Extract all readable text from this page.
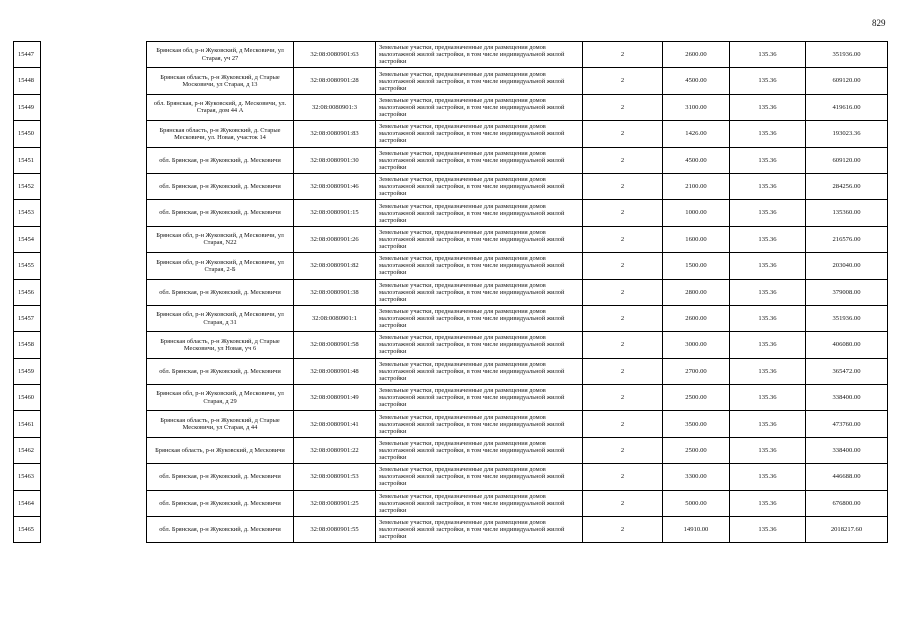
829
15447		Брянская обл, р-н Жуковский, д Месковичи, ул Старая, уч 27	32:08:0080901:63	Земельные участки, предназначенные для размещения домов малоэтажной жилой застройки, в том числе индивидуальной жилой застройки	2	2600.00	135.36	351936.00
15448		Брянская область, р-н Жуковский, д Старые Московичи, ул Старая, д 13	32:08:0080901:28	Земельные участки, предназначенные для размещения домов малоэтажной жилой застройки, в том числе индивидуальной жилой застройки	2	4500.00	135.36	609120.00
15449		обл. Брянская, р-н Жуковский, д. Месковичи, ул. Старая, дом 44 А	32:08:0080901:3	Земельные участки, предназначенные для размещения домов малоэтажной жилой застройки, в том числе индивидуальной жилой застройки	2	3100.00	135.36	419616.00
15450		Брянская область, р-н Жуковский, д. Старые Месковичи, ул. Новая, участок 14	32:08:0080901:83	Земельные участки, предназначенные для размещения домов малоэтажной жилой застройки, в том числе индивидуальной жилой застройки	2	1426.00	135.36	193023.36
15451		обл. Брянская, р-н Жуковский, д. Месковичи	32:08:0080901:30	Земельные участки, предназначенные для размещения домов малоэтажной жилой застройки, в том числе индивидуальной жилой застройки	2	4500.00	135.36	609120.00
15452		обл. Брянская, р-н Жуковский, д. Месковичи	32:08:0080901:46	Земельные участки, предназначенные для размещения домов малоэтажной жилой застройки, в том числе индивидуальной жилой застройки	2	2100.00	135.36	284256.00
15453		обл. Брянская, р-н Жуковский, д. Месковичи	32:08:0080901:15	Земельные участки, предназначенные для размещения домов малоэтажной жилой застройки, в том числе индивидуальной жилой застройки	2	1000.00	135.36	135360.00
15454		Брянская обл, р-н Жуковский, д Месковичи, ул Старая, N22	32:08:0080901:26	Земельные участки, предназначенные для размещения домов малоэтажной жилой застройки, в том числе индивидуальной жилой застройки	2	1600.00	135.36	216576.00
15455		Брянская обл, р-н Жуковский, д Месковичи, ул Старая, 2-Б	32:08:0080901:82	Земельные участки, предназначенные для размещения домов малоэтажной жилой застройки, в том числе индивидуальной жилой застройки	2	1500.00	135.36	203040.00
15456		обл. Брянская, р-н Жуковский, д. Месковичи	32:08:0080901:38	Земельные участки, предназначенные для размещения домов малоэтажной жилой застройки, в том числе индивидуальной жилой застройки	2	2800.00	135.36	379008.00
15457		Брянская обл, р-н Жуковский, д Месковичи, ул Старая, д 31	32:08:0080901:1	Земельные участки, предназначенные для размещения домов малоэтажной жилой застройки, в том числе индивидуальной жилой застройки	2	2600.00	135.36	351936.00
15458		Брянская область, р-н Жуковский, д Старые Месковичи, ул Новая, уч 6	32:08:0080901:58	Земельные участки, предназначенные для размещения домов малоэтажной жилой застройки, в том числе индивидуальной жилой застройки	2	3000.00	135.36	406080.00
15459		обл. Брянская, р-н Жуковский, д. Месковичи	32:08:0080901:48	Земельные участки, предназначенные для размещения домов малоэтажной жилой застройки, в том числе индивидуальной жилой застройки	2	2700.00	135.36	365472.00
15460		Брянская обл, р-н Жуковский, д Месковичи, ул Старая, д 29	32:08:0080901:49	Земельные участки, предназначенные для размещения домов малоэтажной жилой застройки, в том числе индивидуальной жилой застройки	2	2500.00	135.36	338400.00
15461		Брянская область, р-н Жуковский, д Старые Месковичи, ул Старая, д 44	32:08:0080901:41	Земельные участки, предназначенные для размещения домов малоэтажной жилой застройки, в том числе индивидуальной жилой застройки	2	3500.00	135.36	473760.00
15462		Брянская область, р-н Жуковский, д Месковичи	32:08:0080901:22	Земельные участки, предназначенные для размещения домов малоэтажной жилой застройки, в том числе индивидуальной жилой застройки	2	2500.00	135.36	338400.00
15463		обл. Брянская, р-н Жуковский, д. Месковичи	32:08:0080901:53	Земельные участки, предназначенные для размещения домов малоэтажной жилой застройки, в том числе индивидуальной жилой застройки	2	3300.00	135.36	446688.00
15464		обл. Брянская, р-н Жуковский, д. Месковичи	32:08:0080901:25	Земельные участки, предназначенные для размещения домов малоэтажной жилой застройки, в том числе индивидуальной жилой застройки	2	5000.00	135.36	676800.00
15465		обл. Брянская, р-н Жуковский, д. Месковичи	32:08:0080901:55	Земельные участки, предназначенные для размещения домов малоэтажной жилой застройки, в том числе индивидуальной жилой застройки	2	14910.00	135.36	2018217.60
